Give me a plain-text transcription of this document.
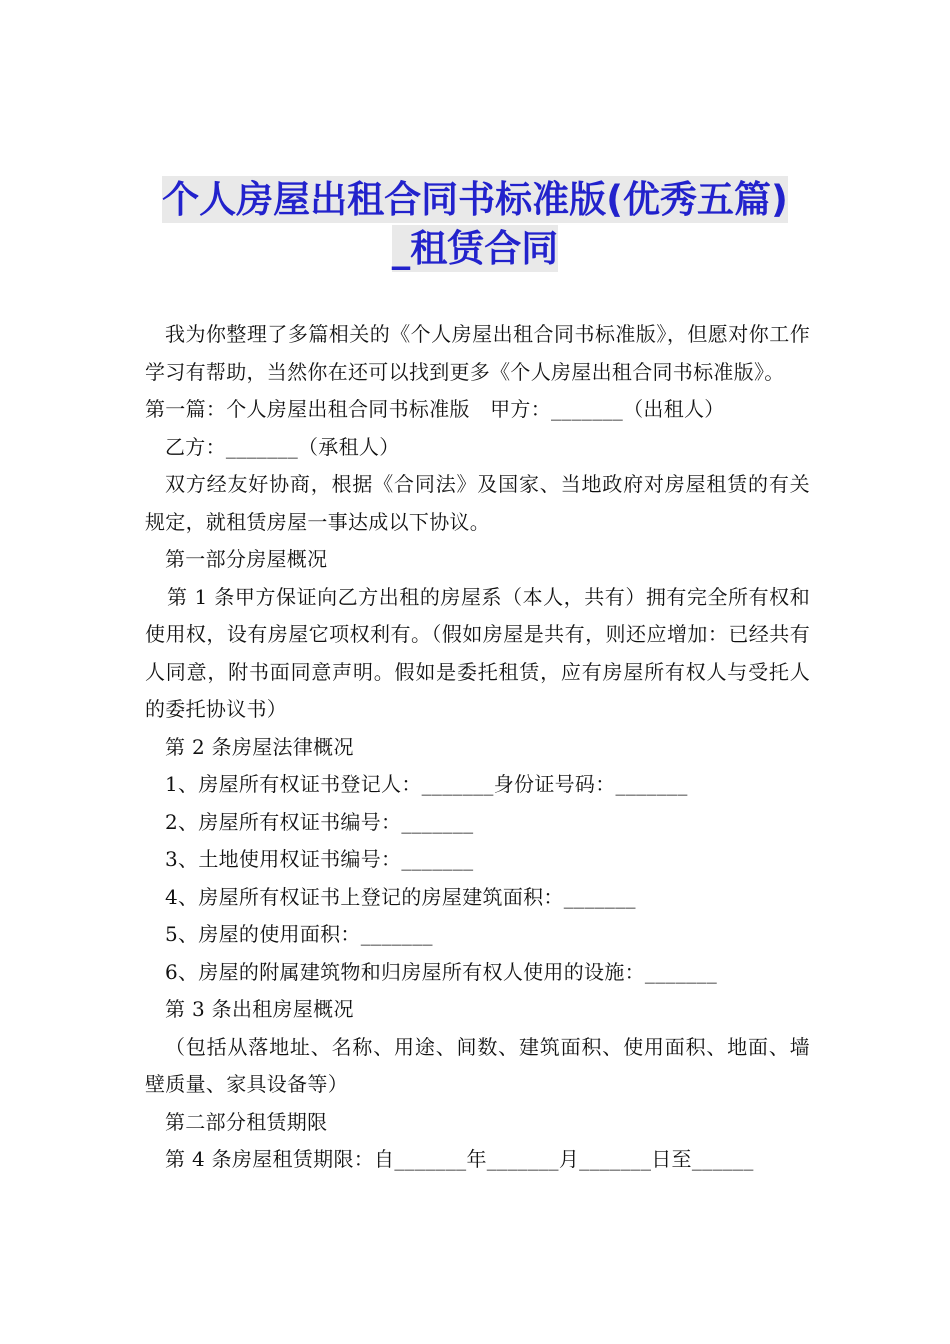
个人房屋出租合同书标准版(优秀五篇)
_租赁合同

我为你整理了多篇相关的《个人房屋出租合同书标准版》，但愿对你工作学习有帮助，当然你在还可以找到更多《个人房屋出租合同书标准版》。

第一篇：个人房屋出租合同书标准版　甲方：_______（出租人）

乙方：_______（承租人）

双方经友好协商，根据《合同法》及国家、当地政府对房屋租赁的有关规定，就租赁房屋一事达成以下协议。

第一部分房屋概况

第 1 条甲方保证向乙方出租的房屋系（本人，共有）拥有完全所有权和使用权，设有房屋它项权利有。（假如房屋是共有，则还应增加：已经共有人同意，附书面同意声明。假如是委托租赁，应有房屋所有权人与受托人的委托协议书）

第 2 条房屋法律概况

1、房屋所有权证书登记人：_______身份证号码：_______

2、房屋所有权证书编号：_______

3、土地使用权证书编号：_______

4、房屋所有权证书上登记的房屋建筑面积：_______

5、房屋的使用面积：_______

6、房屋的附属建筑物和归房屋所有权人使用的设施：_______

第 3 条出租房屋概况

（包括从落地址、名称、用途、间数、建筑面积、使用面积、地面、墙壁质量、家具设备等）

第二部分租赁期限

第 4 条房屋租赁期限：自_______年_______月_______日至______
